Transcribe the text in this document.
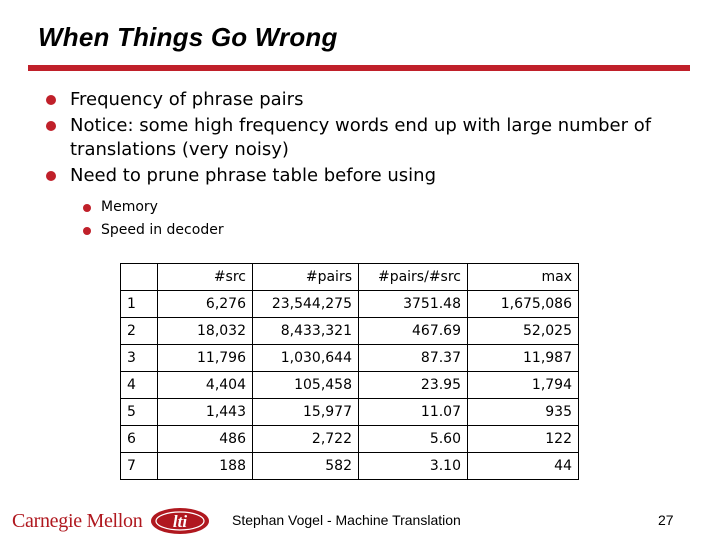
When Things Go Wrong
Frequency of phrase pairs
Notice: some high frequency words end up with large number of translations (very noisy)
Need to prune phrase table before using
Memory
Speed in decoder
	#src	#pairs	#pairs/#src	max
1	6,276	23,544,275	3751.48	1,675,086
2	18,032	8,433,321	467.69	52,025
3	11,796	1,030,644	87.37	11,987
4	4,404	105,458	23.95	1,794
5	1,443	15,977	11.07	935
6	486	2,722	5.60	122
7	188	582	3.10	44
Carnegie Mellon lti	Stephan Vogel - Machine Translation	27
